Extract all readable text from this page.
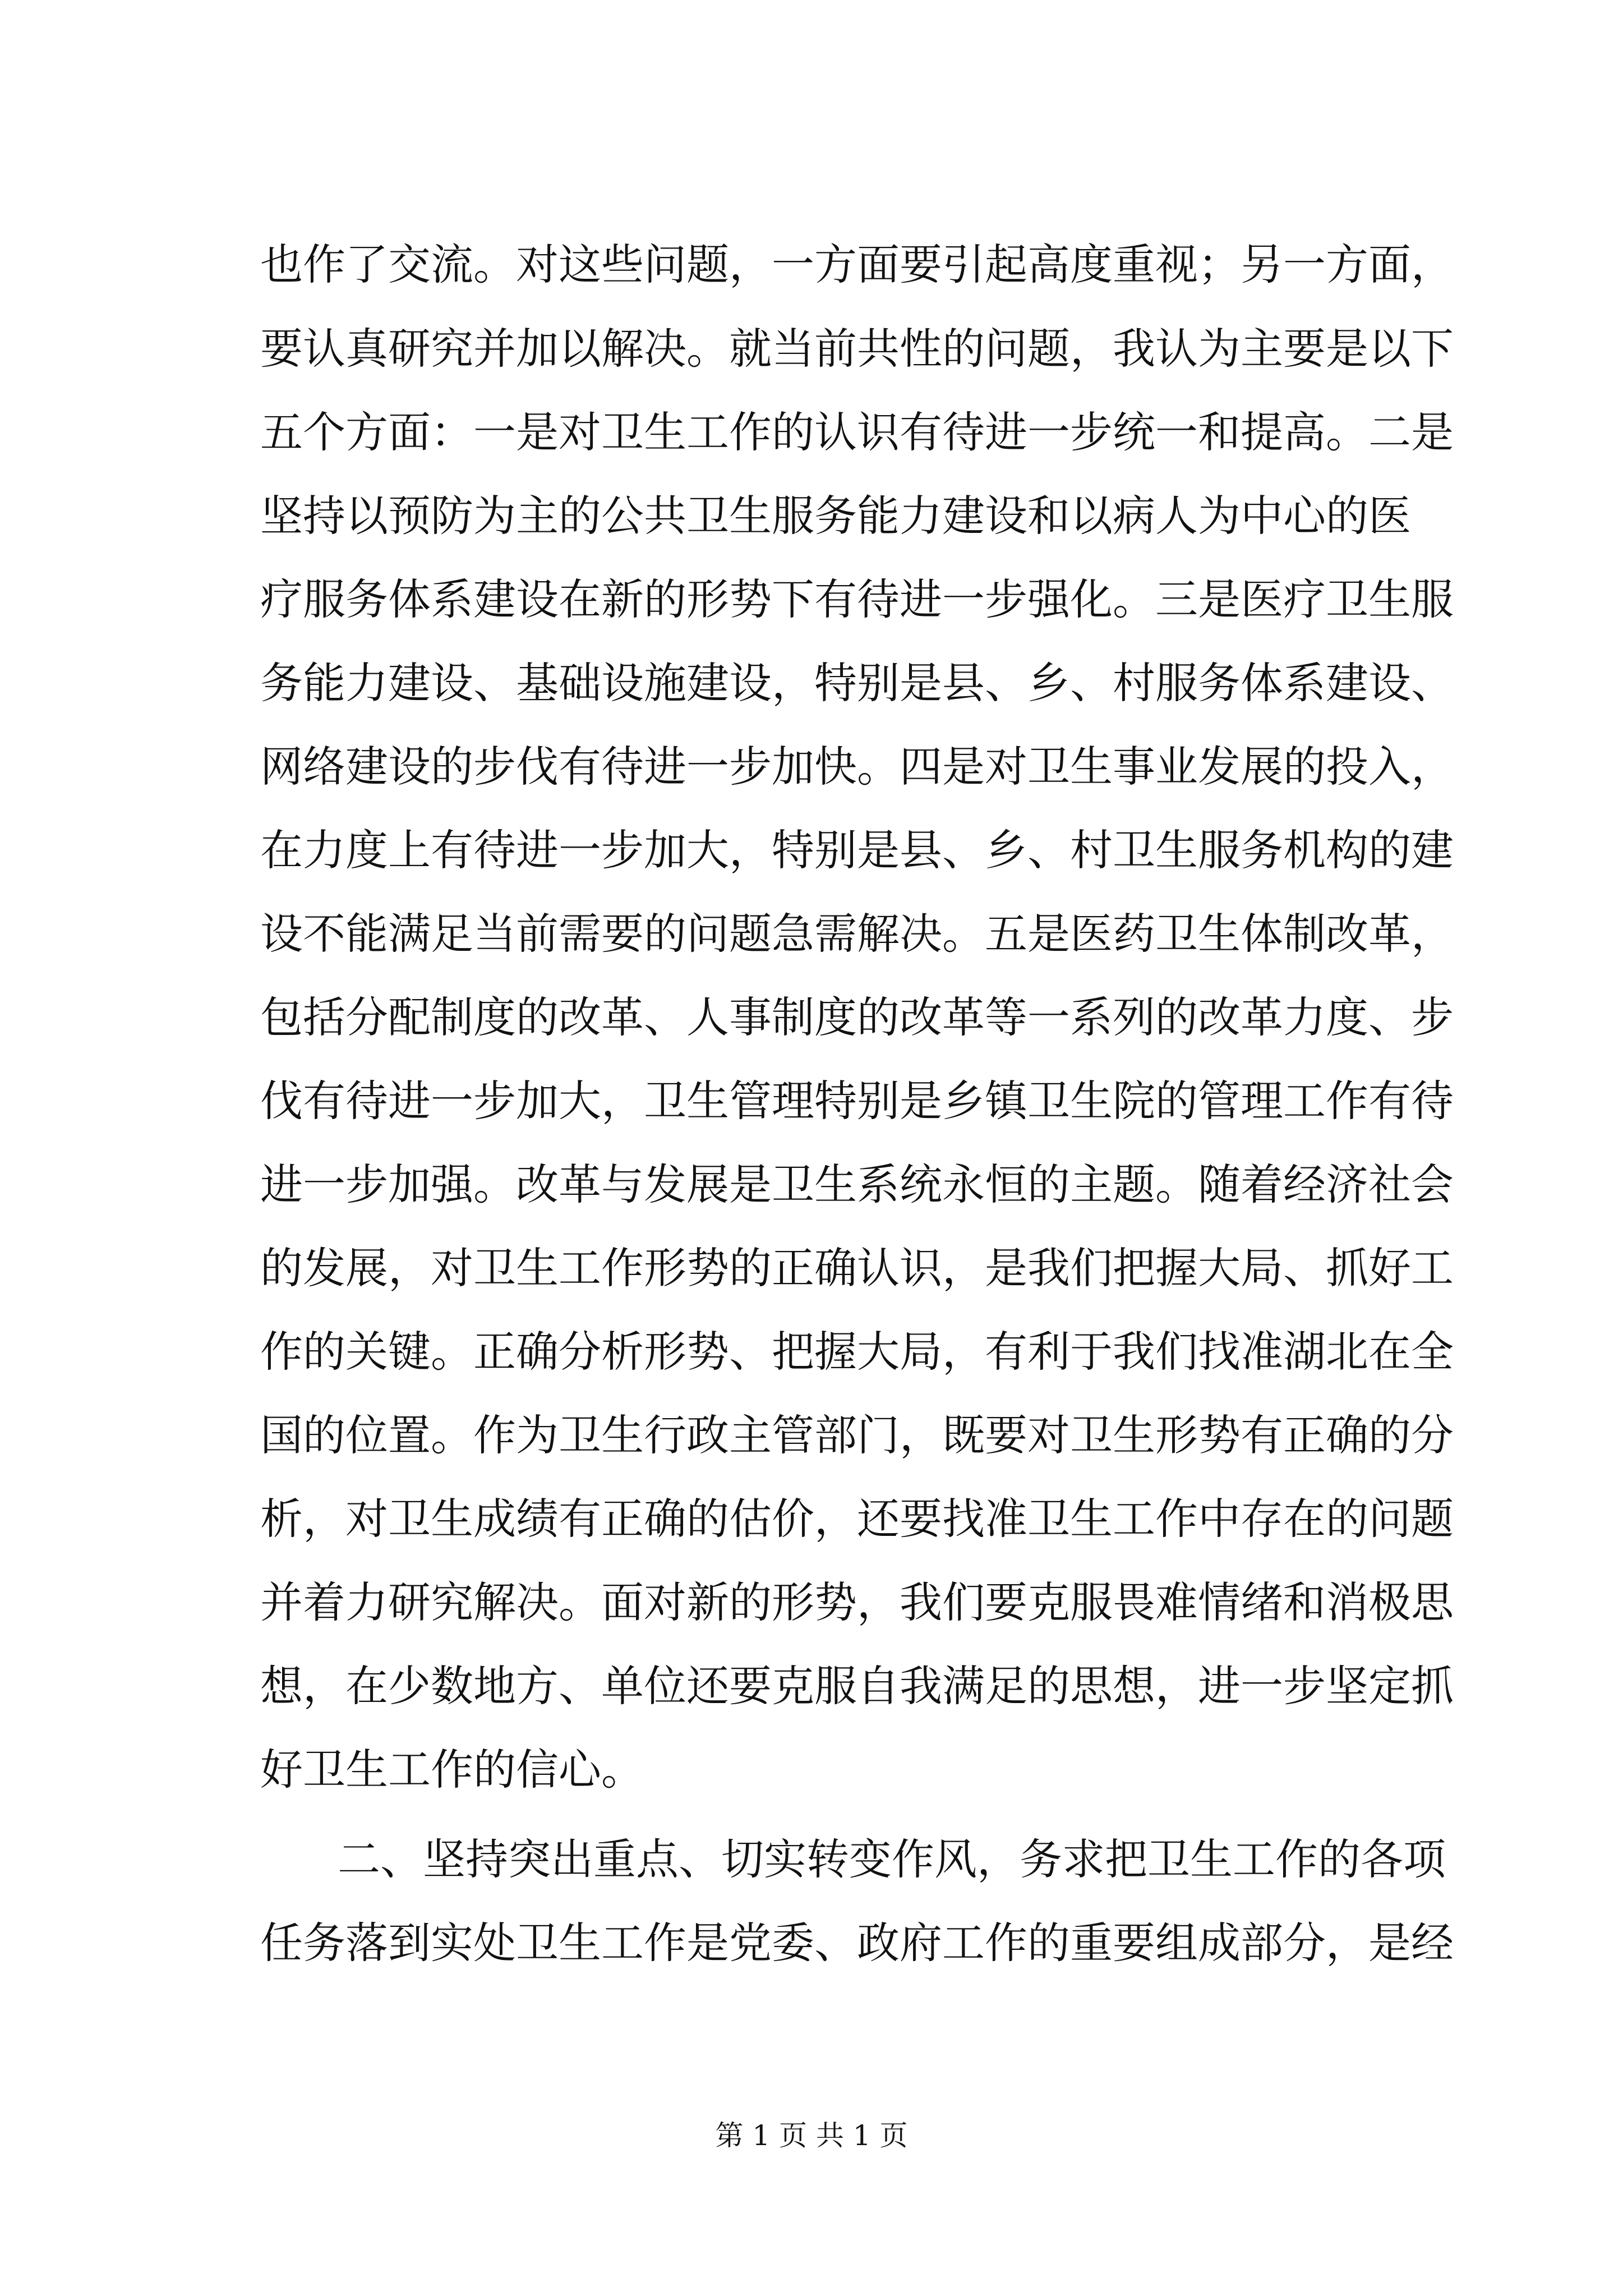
也作了交流。对这些问题，一方面要引起高度重视；另一方面，
要认真研究并加以解决。就当前共性的问题，我认为主要是以下
五个方面：一是对卫生工作的认识有待进一步统一和提高。二是
坚持以预防为主的公共卫生服务能力建设和以病人为中心的医
疗服务体系建设在新的形势下有待进一步强化。三是医疗卫生服
务能力建设、基础设施建设，特别是县、乡、村服务体系建设、
网络建设的步伐有待进一步加快。四是对卫生事业发展的投入，
在力度上有待进一步加大，特别是县、乡、村卫生服务机构的建
设不能满足当前需要的问题急需解决。五是医药卫生体制改革，
包括分配制度的改革、人事制度的改革等一系列的改革力度、步
伐有待进一步加大，卫生管理特别是乡镇卫生院的管理工作有待
进一步加强。改革与发展是卫生系统永恒的主题。随着经济社会
的发展，对卫生工作形势的正确认识，是我们把握大局、抓好工
作的关键。正确分析形势、把握大局，有利于我们找准湖北在全
国的位置。作为卫生行政主管部门，既要对卫生形势有正确的分
析，对卫生成绩有正确的估价，还要找准卫生工作中存在的问题
并着力研究解决。面对新的形势，我们要克服畏难情绪和消极思
想，在少数地方、单位还要克服自我满足的思想，进一步坚定抓
好卫生工作的信心。
二、坚持突出重点、切实转变作风，务求把卫生工作的各项
任务落到实处卫生工作是党委、政府工作的重要组成部分，是经
第 1 页 共 1 页
